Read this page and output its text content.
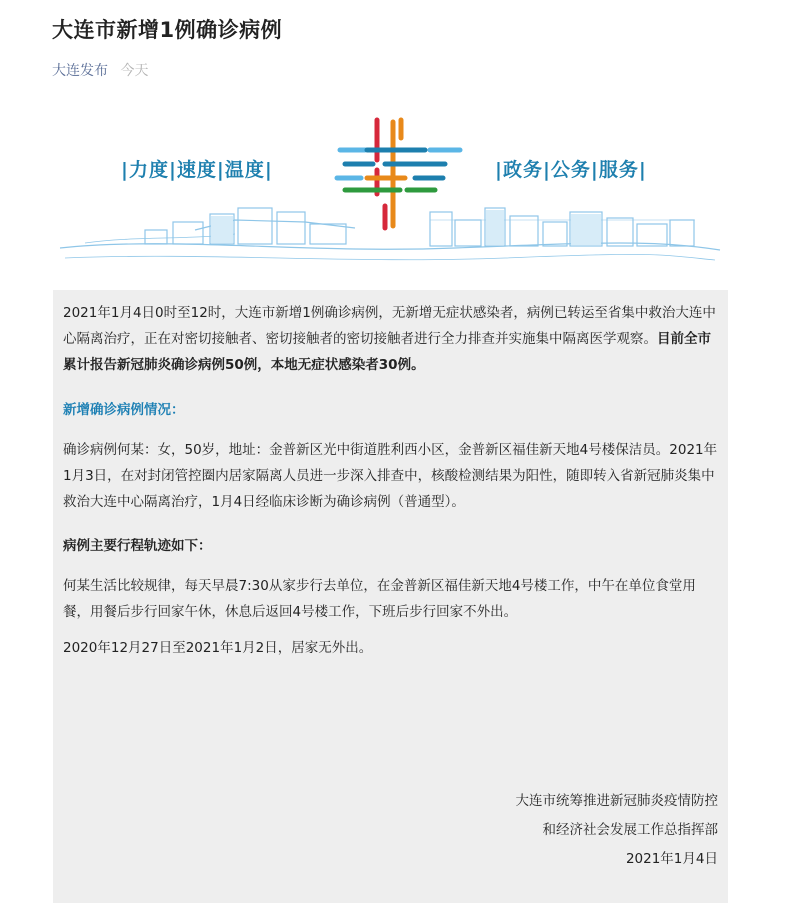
大连市新增1例确诊病例
大连发布 今天
|力度|速度|温度|	|政务|公务|服务|

2021年1月4日0时至12时，大连市新增1例确诊病例，无新增无症状感染者，病例已转运至省集中救治大连中心隔离治疗，正在对密切接触者、密切接触者的密切接触者进行全力排查并实施集中隔离医学观察。目前全市累计报告新冠肺炎确诊病例50例，本地无症状感染者30例。

新增确诊病例情况：

确诊病例何某：女，50岁，地址：金普新区光中街道胜利西小区，金普新区福佳新天地4号楼保洁员。2021年1月3日，在对封闭管控圈内居家隔离人员进一步深入排查中，核酸检测结果为阳性，随即转入省新冠肺炎集中救治大连中心隔离治疗，1月4日经临床诊断为确诊病例（普通型）。

病例主要行程轨迹如下：

何某生活比较规律，每天早晨7:30从家步行去单位，在金普新区福佳新天地4号楼工作，中午在单位食堂用餐，用餐后步行回家午休，休息后返回4号楼工作，下班后步行回家不外出。

2020年12月27日至2021年1月2日，居家无外出。

大连市统筹推进新冠肺炎疫情防控
和经济社会发展工作总指挥部
2021年1月4日
